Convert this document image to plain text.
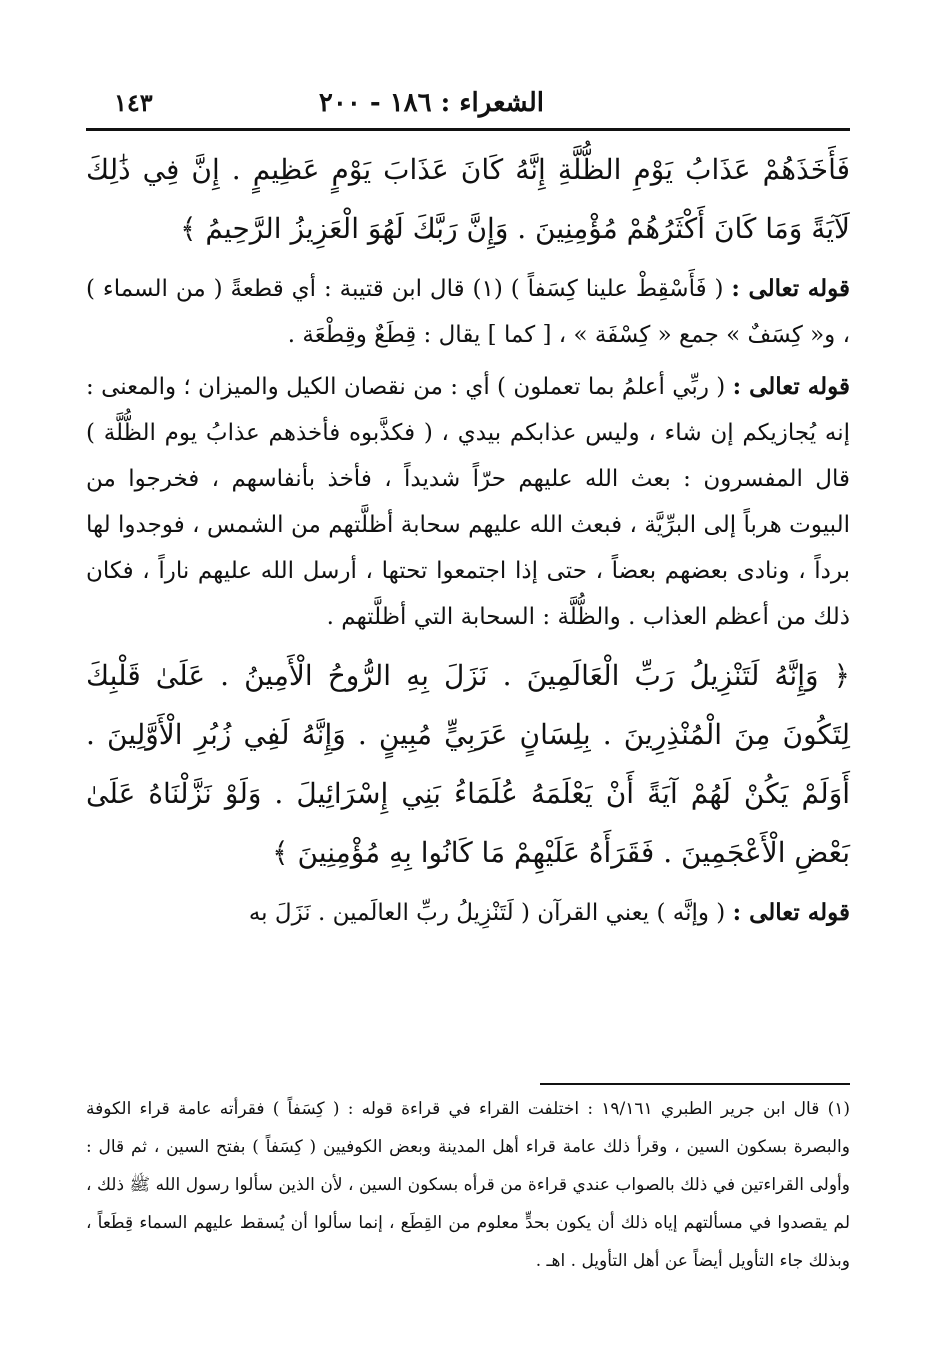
الشعراء : ١٨٦ - ٢٠٠
١٤٣

فَأَخَذَهُمْ عَذَابُ يَوْمِ الظُّلَّةِ إِنَّهُ كَانَ عَذَابَ يَوْمٍ عَظِيمٍ . إِنَّ فِي ذَٰلِكَ لَآيَةً وَمَا كَانَ أَكْثَرُهُمْ مُؤْمِنِينَ . وَإِنَّ رَبَّكَ لَهُوَ الْعَزِيزُ الرَّحِيمُ ﴾

قوله تعالى : ( فَأَسْقِطْ علينا كِسَفاً ) (١) قال ابن قتيبة : أي قطعةً ( من السماء ) ، و« كِسَفٌ » جمع « كِسْفَة » ، [ كما ] يقال : قِطَعٌ وقِطْعَة .

قوله تعالى : ( ربِّي أعلمُ بما تعملون ) أي : من نقصان الكيل والميزان ؛ والمعنى : إنه يُجازيكم إن شاء ، وليس عذابكم بيدي ، ( فكذَّبوه فأخذهم عذابُ يوم الظُّلَّة ) قال المفسرون : بعث الله عليهم حرّاً شديداً ، فأخذ بأنفاسهم ، فخرجوا من البيوت هرباً إلى البرِّيَّة ، فبعث الله عليهم سحابة أظلَّتهم من الشمس ، فوجدوا لها برداً ، ونادى بعضهم بعضاً ، حتى إذا اجتمعوا تحتها ، أرسل الله عليهم ناراً ، فكان ذلك من أعظم العذاب . والظُّلَّة : السحابة التي أظلَّتهم .

﴿ وَإِنَّهُ لَتَنْزِيلُ رَبِّ الْعَالَمِينَ . نَزَلَ بِهِ الرُّوحُ الْأَمِينُ . عَلَىٰ قَلْبِكَ لِتَكُونَ مِنَ الْمُنْذِرِينَ . بِلِسَانٍ عَرَبِيٍّ مُبِينٍ . وَإِنَّهُ لَفِي زُبُرِ الْأَوَّلِينَ . أَوَلَمْ يَكُنْ لَهُمْ آيَةً أَنْ يَعْلَمَهُ عُلَمَاءُ بَنِي إِسْرَائِيلَ . وَلَوْ نَزَّلْنَاهُ عَلَىٰ بَعْضِ الْأَعْجَمِينَ . فَقَرَأَهُ عَلَيْهِمْ مَا كَانُوا بِهِ مُؤْمِنِينَ ﴾

قوله تعالى : ( وإنَّه ) يعني القرآن ( لَتَنْزِيلُ ربِّ العالَمين . نَزَلَ به

(١) قال ابن جرير الطبري ١٩/١٦١ : اختلفت القراء في قراءة قوله : ( كِسَفاً ) فقرأته عامة قراء الكوفة والبصرة بسكون السين ، وقرأ ذلك عامة قراء أهل المدينة وبعض الكوفيين ( كِسَفاً ) بفتح السين ، ثم قال : وأولى القراءتين في ذلك بالصواب عندي قراءة من قرأه بسكون السين ، لأن الذين سألوا رسول الله ﷺ ذلك ، لم يقصدوا في مسألتهم إياه ذلك أن يكون بحدٍّ معلوم من القِطَع ، إنما سألوا أن يُسقط عليهم السماء قِطَعاً ، وبذلك جاء التأويل أيضاً عن أهل التأويل . اهـ .
